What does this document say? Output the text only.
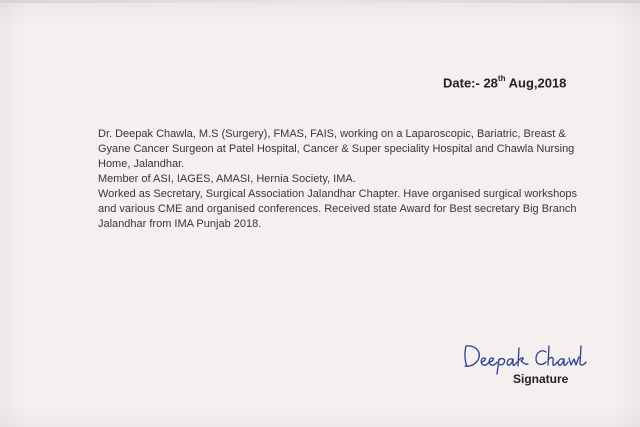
Date:- 28th Aug,2018

Dr. Deepak Chawla, M.S (Surgery), FMAS, FAIS, working on a Laparoscopic, Bariatric, Breast & Gyane Cancer Surgeon at Patel Hospital, Cancer & Super speciality Hospital and Chawla Nursing Home, Jalandhar.

Member of ASI, IAGES, AMASI, Hernia Society, IMA.

Worked as Secretary, Surgical Association Jalandhar Chapter. Have organised surgical workshops and various CME and organised conferences. Received state Award for Best secretary Big Branch Jalandhar from IMA Punjab 2018.

Signature
